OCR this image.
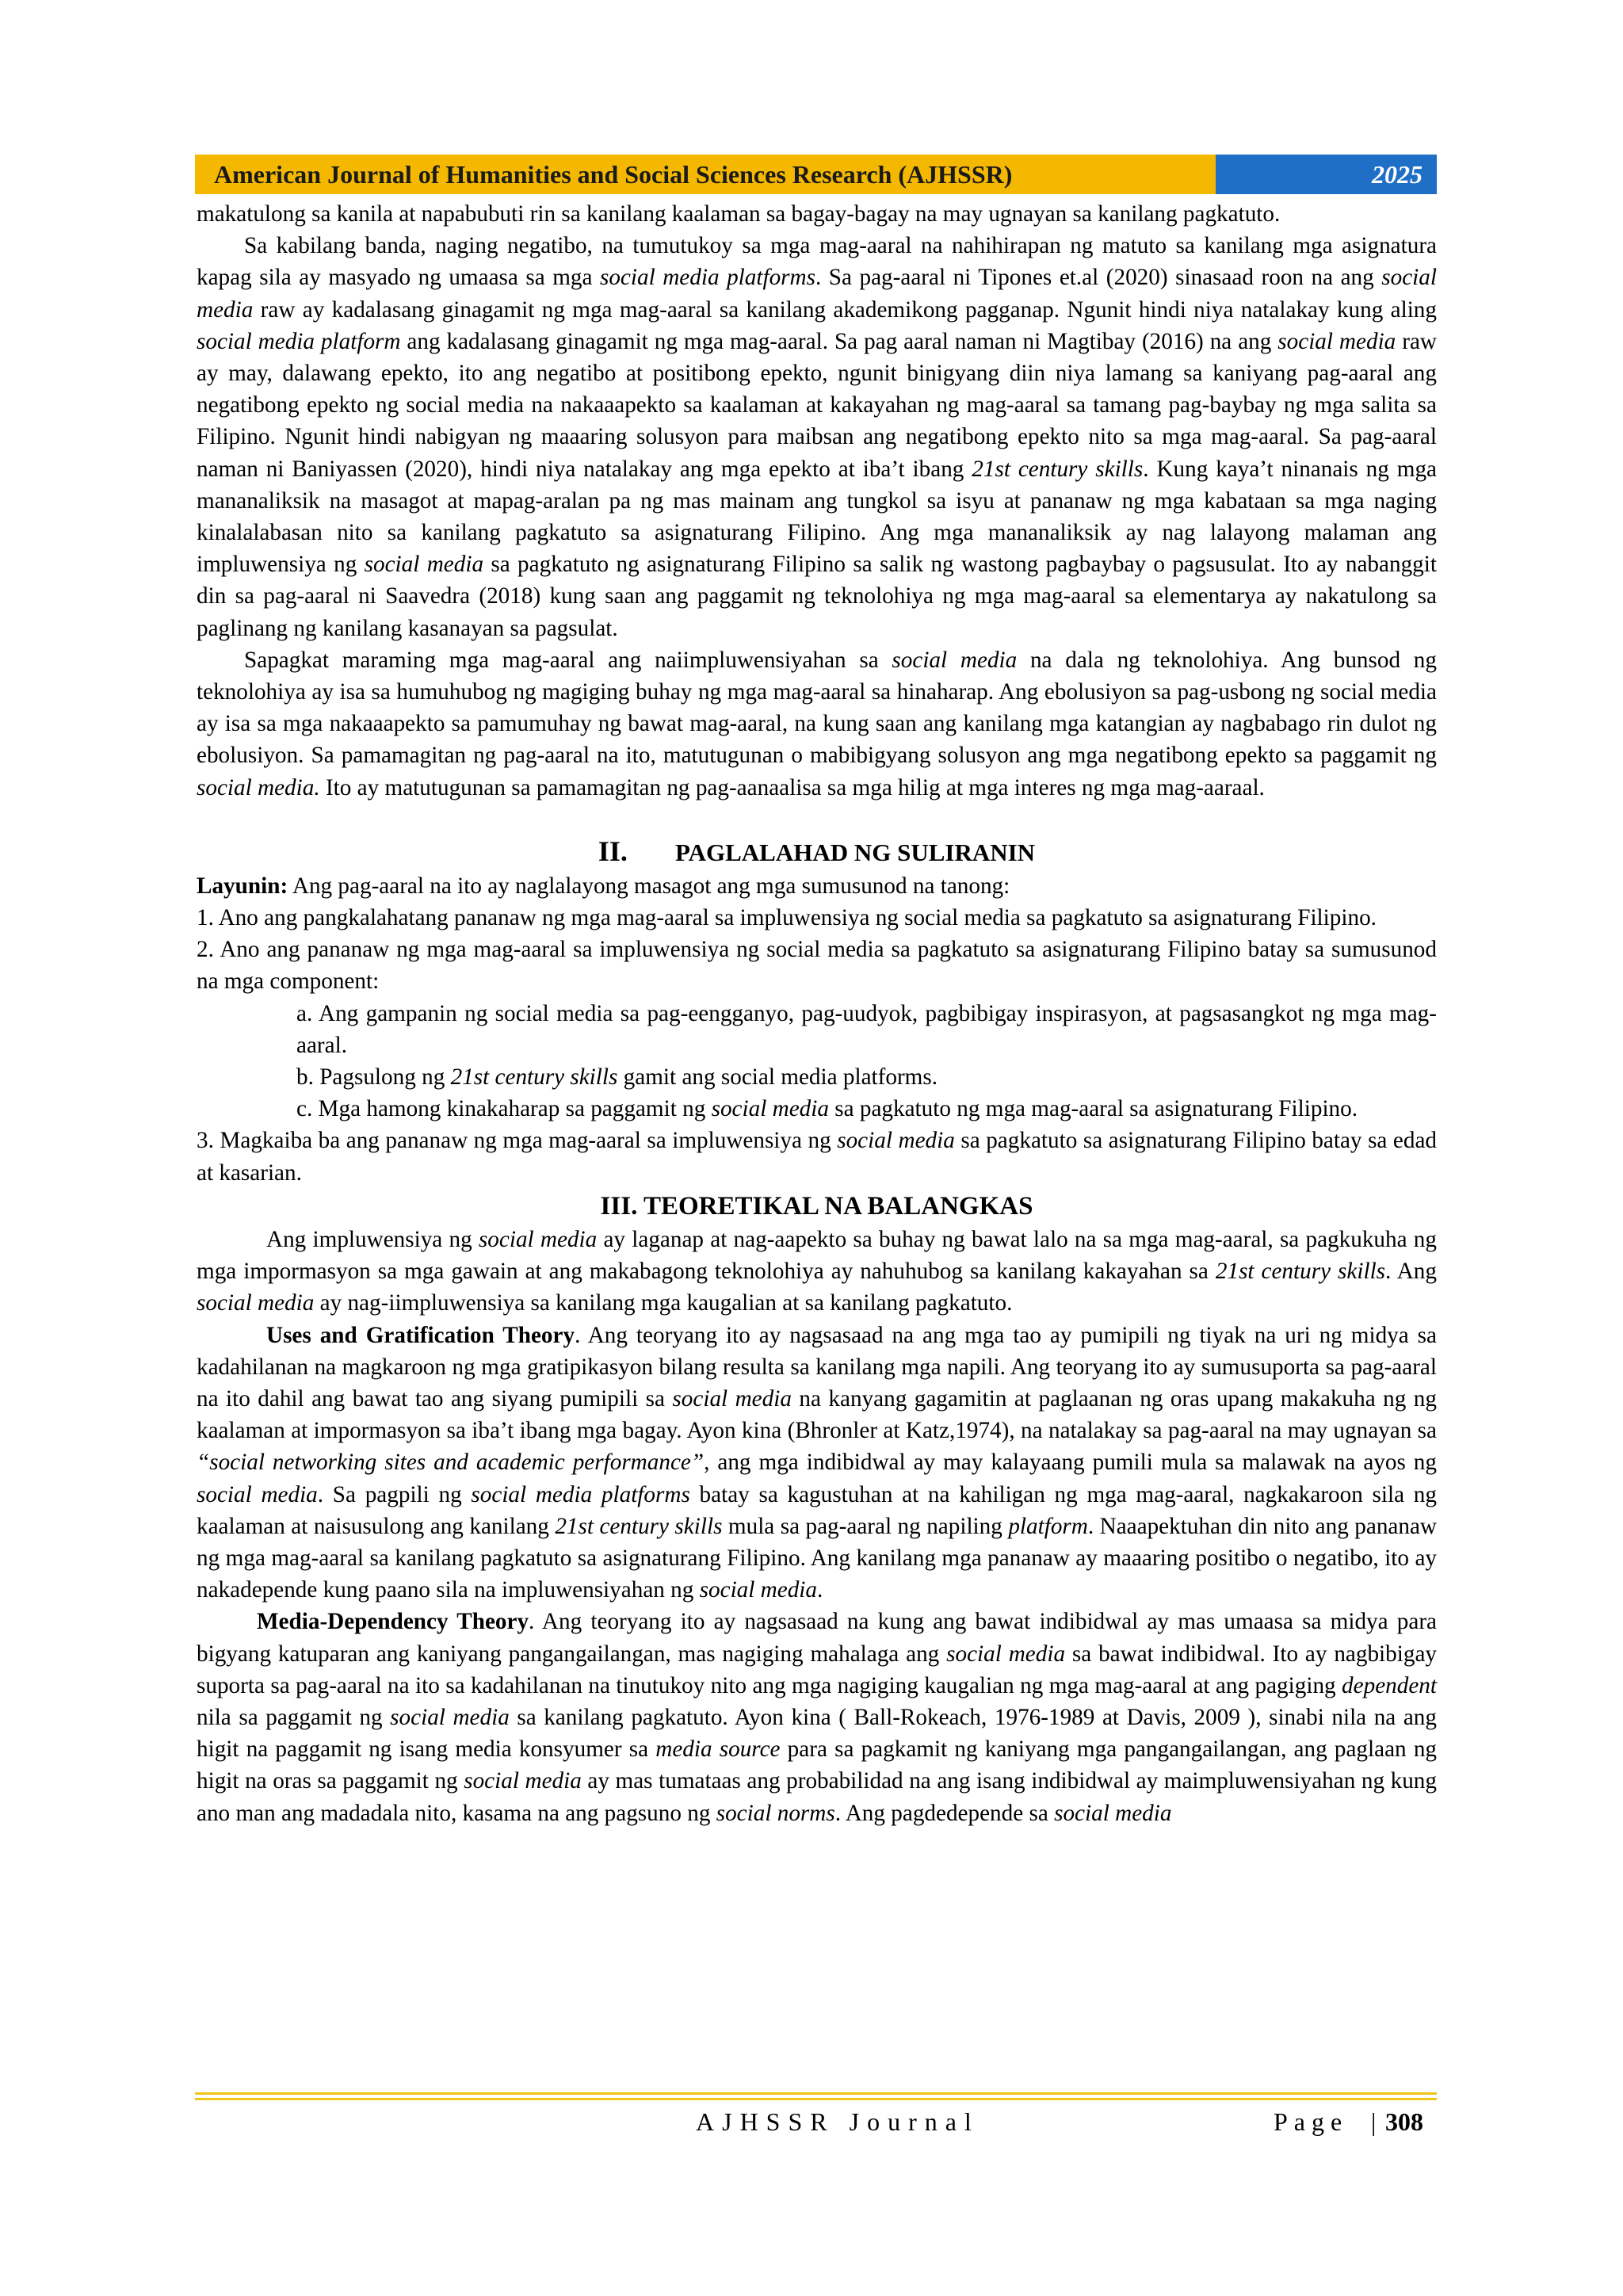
American Journal of Humanities and Social Sciences Research (AJHSSR)	2025

makatulong sa kanila at napabubuti rin sa kanilang kaalaman sa bagay-bagay na may ugnayan sa kanilang pagkatuto.

Sa kabilang banda, naging negatibo, na tumutukoy sa mga mag-aaral na nahihirapan ng matuto sa kanilang mga asignatura kapag sila ay masyado ng umaasa sa mga social media platforms. Sa pag-aaral ni Tipones et.al (2020) sinasaad roon na ang social media raw ay kadalasang ginagamit ng mga mag-aaral sa kanilang akademikong pagganap. Ngunit hindi niya natalakay kung aling social media platform ang kadalasang ginagamit ng mga mag-aaral. Sa pag aaral naman ni Magtibay (2016) na ang social media raw ay may, dalawang epekto, ito ang negatibo at positibong epekto, ngunit binigyang diin niya lamang sa kaniyang pag-aaral ang negatibong epekto ng social media na nakaaapekto sa kaalaman at kakayahan ng mag-aaral sa tamang pag-baybay ng mga salita sa Filipino. Ngunit hindi nabigyan ng maaaring solusyon para maibsan ang negatibong epekto nito sa mga mag-aaral. Sa pag-aaral naman ni Baniyassen (2020), hindi niya natalakay ang mga epekto at iba’t ibang 21st century skills. Kung kaya’t ninanais ng mga mananaliksik na masagot at mapag-aralan pa ng mas mainam ang tungkol sa isyu at pananaw ng mga kabataan sa mga naging kinalalabasan nito sa kanilang pagkatuto sa asignaturang Filipino. Ang mga mananaliksik ay nag lalayong malaman ang impluwensiya ng social media sa pagkatuto ng asignaturang Filipino sa salik ng wastong pagbaybay o pagsusulat. Ito ay nabanggit din sa pag-aaral ni Saavedra (2018) kung saan ang paggamit ng teknolohiya ng mga mag-aaral sa elementarya ay nakatulong sa paglinang ng kanilang kasanayan sa pagsulat.

Sapagkat maraming mga mag-aaral ang naiimpluwensiyahan sa social media na dala ng teknolohiya. Ang bunsod ng teknolohiya ay isa sa humuhubog ng magiging buhay ng mga mag-aaral sa hinaharap. Ang ebolusiyon sa pag-usbong ng social media ay isa sa mga nakaaapekto sa pamumuhay ng bawat mag-aaral, na kung saan ang kanilang mga katangian ay nagbabago rin dulot ng ebolusiyon. Sa pamamagitan ng pag-aaral na ito, matutugunan o mabibigyang solusyon ang mga negatibong epekto sa paggamit ng social media. Ito ay matutugunan sa pamamagitan ng pag-aanaalisa sa mga hilig at mga interes ng mga mag-aaraal.

II. PAGLALAHAD NG SULIRANIN

Layunin: Ang pag-aaral na ito ay naglalayong masagot ang mga sumusunod na tanong:

1. Ano ang pangkalahatang pananaw ng mga mag-aaral sa impluwensiya ng social media sa pagkatuto sa asignaturang Filipino.

2. Ano ang pananaw ng mga mag-aaral sa impluwensiya ng social media sa pagkatuto sa asignaturang Filipino batay sa sumusunod na mga component:

a. Ang gampanin ng social media sa pag-eengganyo, pag-uudyok, pagbibigay inspirasyon, at pagsasangkot ng mga mag-aaral.

b. Pagsulong ng 21st century skills gamit ang social media platforms.

c. Mga hamong kinakaharap sa paggamit ng social media sa pagkatuto ng mga mag-aaral sa asignaturang Filipino.

3. Magkaiba ba ang pananaw ng mga mag-aaral sa impluwensiya ng social media sa pagkatuto sa asignaturang Filipino batay sa edad at kasarian.

III. TEORETIKAL NA BALANGKAS

Ang impluwensiya ng social media ay laganap at nag-aapekto sa buhay ng bawat lalo na sa mga mag-aaral, sa pagkukuha ng mga impormasyon sa mga gawain at ang makabagong teknolohiya ay nahuhubog sa kanilang kakayahan sa 21st century skills. Ang social media ay nag-iimpluwensiya sa kanilang mga kaugalian at sa kanilang pagkatuto.

Uses and Gratification Theory. Ang teoryang ito ay nagsasaad na ang mga tao ay pumipili ng tiyak na uri ng midya sa kadahilanan na magkaroon ng mga gratipikasyon bilang resulta sa kanilang mga napili. Ang teoryang ito ay sumusuporta sa pag-aaral na ito dahil ang bawat tao ang siyang pumipili sa social media na kanyang gagamitin at paglaanan ng oras upang makakuha ng ng kaalaman at impormasyon sa iba’t ibang mga bagay. Ayon kina (Bhronler at Katz,1974), na natalakay sa pag-aaral na may ugnayan sa “social networking sites and academic performance”, ang mga indibidwal ay may kalayaang pumili mula sa malawak na ayos ng social media. Sa pagpili ng social media platforms batay sa kagustuhan at na kahiligan ng mga mag-aaral, nagkakaroon sila ng kaalaman at naisusulong ang kanilang 21st century skills mula sa pag-aaral ng napiling platform. Naaapektuhan din nito ang pananaw ng mga mag-aaral sa kanilang pagkatuto sa asignaturang Filipino. Ang kanilang mga pananaw ay maaaring positibo o negatibo, ito ay nakadepende kung paano sila na impluwensiyahan ng social media.

Media-Dependency Theory. Ang teoryang ito ay nagsasaad na kung ang bawat indibidwal ay mas umaasa sa midya para bigyang katuparan ang kaniyang pangangailangan, mas nagiging mahalaga ang social media sa bawat indibidwal. Ito ay nagbibigay suporta sa pag-aaral na ito sa kadahilanan na tinutukoy nito ang mga nagiging kaugalian ng mga mag-aaral at ang pagiging dependent nila sa paggamit ng social media sa kanilang pagkatuto. Ayon kina ( Ball-Rokeach, 1976-1989 at Davis, 2009 ), sinabi nila na ang higit na paggamit ng isang media konsyumer sa media source para sa pagkamit ng kaniyang mga pangangailangan, ang paglaan ng higit na oras sa paggamit ng social media ay mas tumataas ang probabilidad na ang isang indibidwal ay maimpluwensiyahan ng kung ano man ang madadala nito, kasama na ang pagsuno ng social norms. Ang pagdedepende sa social media

AJHSSR Journal	Page | 308
